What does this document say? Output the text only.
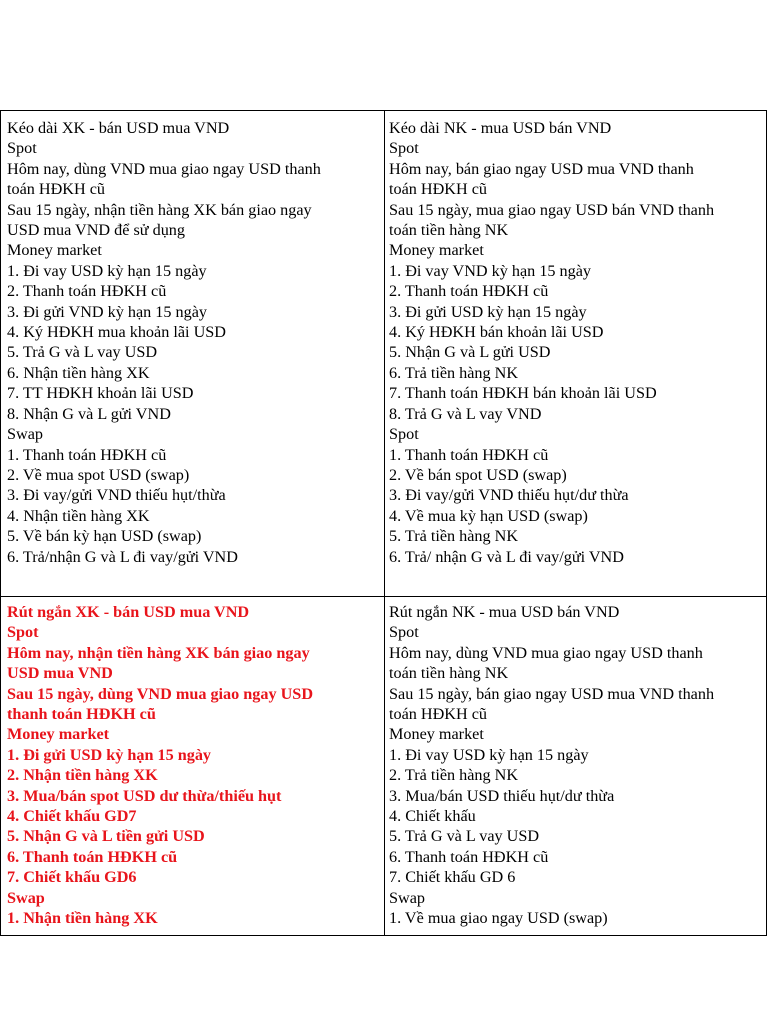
Kéo dài XK - bán USD mua VND
Spot
Hôm nay, dùng VND mua giao ngay USD thanh
toán HĐKH cũ
Sau 15 ngày, nhận tiền hàng XK bán giao ngay
USD mua VND để sử dụng
Money market
1. Đi vay USD kỳ hạn 15 ngày
2. Thanh toán HĐKH cũ
3. Đi gửi VND kỳ hạn 15 ngày
4. Ký HĐKH mua khoản lãi USD
5. Trả G và L vay USD
6. Nhận tiền hàng XK
7. TT HĐKH khoản lãi USD
8. Nhận G và L gửi VND
Swap
1. Thanh toán HĐKH cũ
2. Về mua spot USD (swap)
3. Đi vay/gửi VND thiếu hụt/thừa
4. Nhận tiền hàng XK
5. Về bán kỳ hạn USD (swap)
6. Trả/nhận G và L đi vay/gửi VND
Kéo dài NK - mua USD bán VND
Spot
Hôm nay, bán giao ngay USD mua VND thanh
toán HĐKH cũ
Sau 15 ngày, mua giao ngay USD bán VND thanh
toán tiền hàng NK
Money market
1. Đi vay VND kỳ hạn 15 ngày
2. Thanh toán HĐKH cũ
3. Đi gửi USD kỳ hạn 15 ngày
4. Ký HĐKH bán khoản lãi USD
5. Nhận G và L gửi USD
6. Trả tiền hàng NK
7. Thanh toán HĐKH bán khoản lãi USD
8. Trả G và L vay VND
Spot
1. Thanh toán HĐKH cũ
2. Về bán spot USD (swap)
3. Đi vay/gửi VND thiếu hụt/dư thừa
4. Về mua kỳ hạn USD (swap)
5. Trả tiền hàng NK
6. Trả/ nhận G và L đi vay/gửi VND
Rút ngắn XK - bán USD mua VND
Spot
Hôm nay, nhận tiền hàng XK bán giao ngay
USD mua VND
Sau 15 ngày, dùng VND mua giao ngay USD
thanh toán HĐKH cũ
Money market
1. Đi gửi USD kỳ hạn 15 ngày
2. Nhận tiền hàng XK
3. Mua/bán spot USD dư thừa/thiếu hụt
4. Chiết khấu GD7
5. Nhận G và L tiền gửi USD
6. Thanh toán HĐKH cũ
7. Chiết khấu GD6
Swap
1. Nhận tiền hàng XK
Rút ngắn NK - mua USD bán VND
Spot
Hôm nay, dùng VND mua giao ngay USD thanh
toán tiền hàng NK
Sau 15 ngày, bán giao ngay USD mua VND thanh
toán HĐKH cũ
Money market
1. Đi vay USD kỳ hạn 15 ngày
2. Trả tiền hàng NK
3. Mua/bán USD thiếu hụt/dư thừa
4. Chiết khấu
5. Trả G và L vay USD
6. Thanh toán HĐKH cũ
7. Chiết khấu GD 6
Swap
1. Về mua giao ngay USD (swap)
